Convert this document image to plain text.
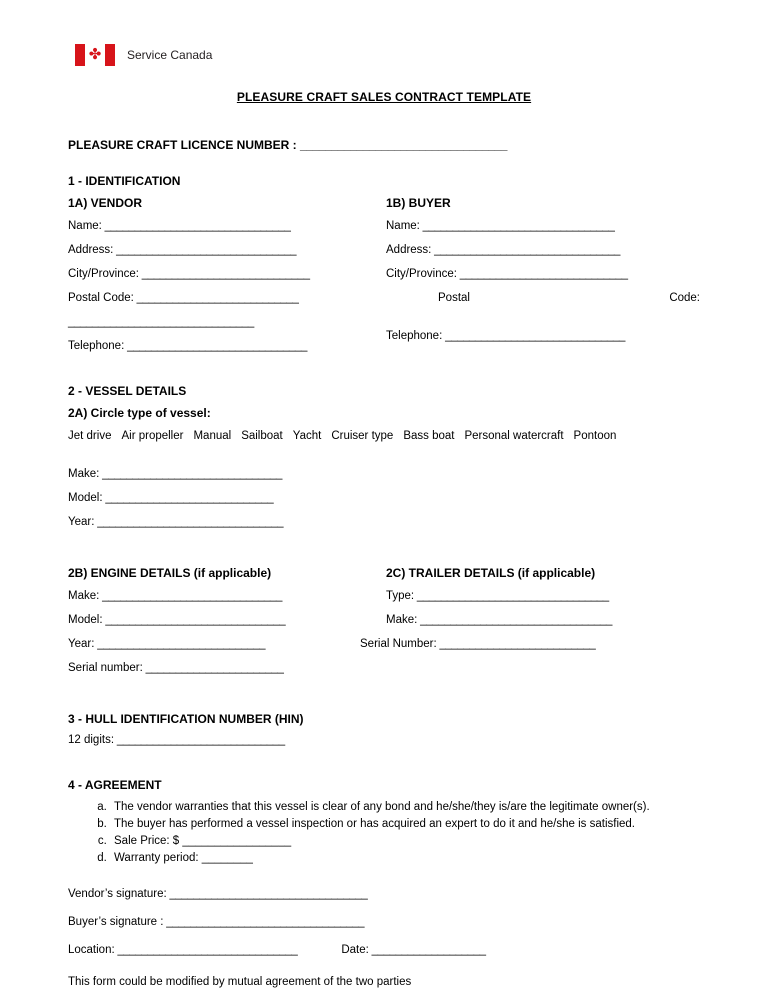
✤ Service Canada
PLEASURE CRAFT SALES CONTRACT TEMPLATE
PLEASURE CRAFT LICENCE NUMBER : _________________________________
1 - IDENTIFICATION
1A) VENDOR
Name: _______________________________
Address: ______________________________
City/Province: ____________________________
Postal Code: ___________________________
_______________________________
Telephone: ______________________________
1B) BUYER
Name: ________________________________
Address: _______________________________
City/Province: ____________________________
Postal	Code:
Telephone: ______________________________
2 - VESSEL DETAILS
2A) Circle type of vessel:
Jet drive Air propeller Manual Sailboat Yacht Cruiser type Bass boat Personal watercraft Pontoon
Make: ______________________________
Model: ____________________________
Year: _______________________________
2B) ENGINE DETAILS (if applicable)
Make: ______________________________
Model: ______________________________
Year: ____________________________
Serial number: _______________________
2C) TRAILER DETAILS (if applicable)
Type: ________________________________
Make: ________________________________
Serial Number: __________________________
3 - HULL IDENTIFICATION NUMBER (HIN)
12 digits: ____________________________
4 - AGREEMENT
a. The vendor warranties that this vessel is clear of any bond and he/she/they is/are the legitimate owner(s).
b. The buyer has performed a vessel inspection or has acquired an expert to do it and he/she is satisfied.
c. Sale Price: $ _________________
d. Warranty period: ________
Vendor’s signature: _________________________________
Buyer’s signature : _________________________________
Location: ______________________________	Date: ___________________
This form could be modified by mutual agreement of the two parties
